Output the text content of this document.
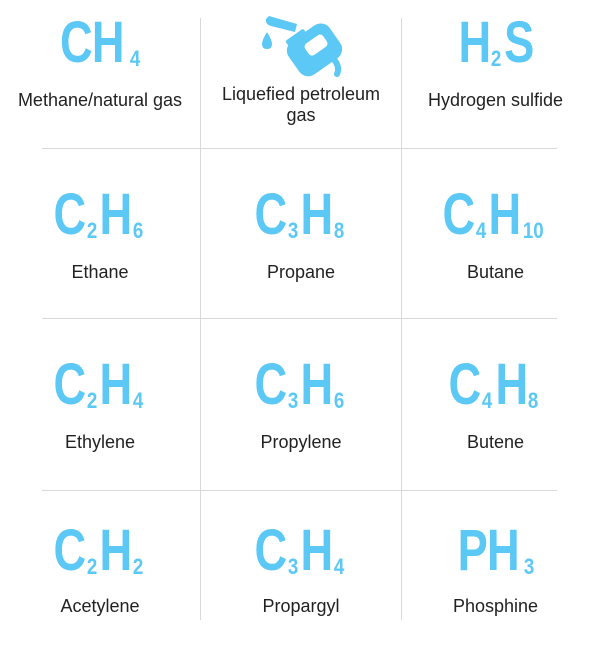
CH 4
Methane/natural gas	Liquefied petroleum gas
H 2 S
Hydrogen sulfide
C 2 H 6
Ethane
C 3 H 8
Propane
C 4 H 10
Butane
C 2 H 4
Ethylene
C 3 H 6
Propylene
C 4 H 8
Butene
C 2 H 2
Acetylene
C 3 H 4
Propargyl
PH 3
Phosphine
